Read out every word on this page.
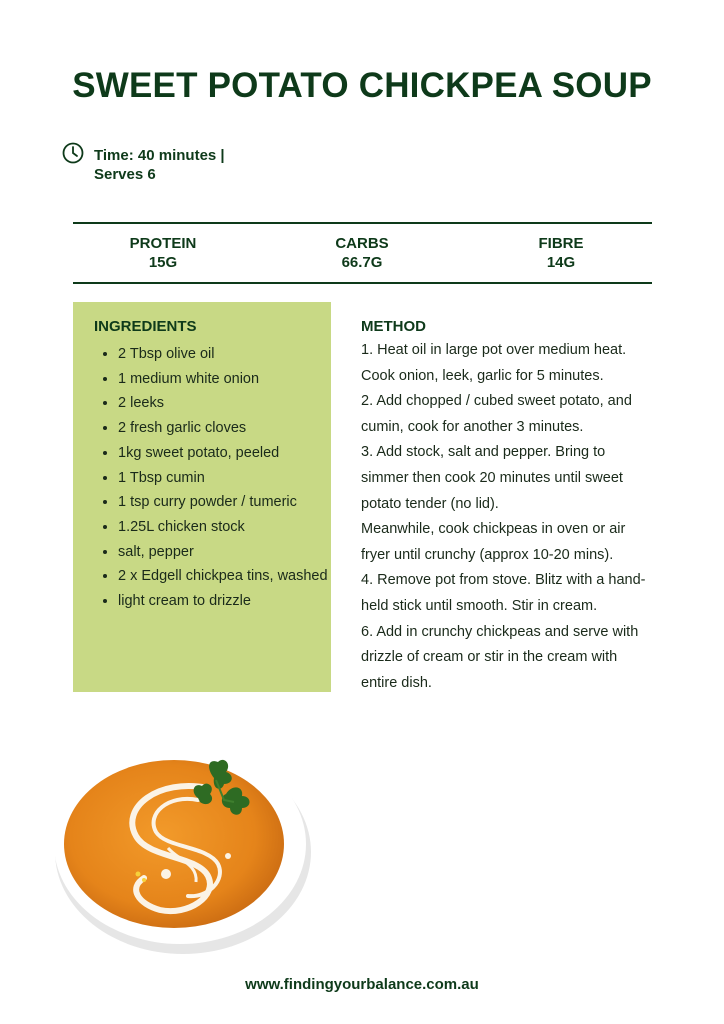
SWEET POTATO CHICKPEA SOUP
Time: 40 minutes |
Serves 6
PROTEIN
15G
CARBS
66.7G
FIBRE
14G
INGREDIENTS
• 2 Tbsp olive oil
• 1 medium white onion
• 2 leeks
• 2 fresh garlic cloves
• 1kg sweet potato, peeled
• 1 Tbsp cumin
• 1 tsp curry powder / tumeric
• 1.25L chicken stock
• salt, pepper
• 2 x Edgell chickpea tins, washed
• light cream to drizzle
METHOD

1. Heat oil in large pot over medium heat. Cook onion, leek, garlic for 5 minutes.

2. Add chopped / cubed sweet potato, and cumin, cook for another 3 minutes.

3. Add stock, salt and pepper. Bring to simmer then cook 20 minutes until sweet potato tender (no lid).

Meanwhile, cook chickpeas in oven or air fryer until crunchy (approx 10-20 mins).

4. Remove pot from stove. Blitz with a hand-held stick until smooth. Stir in cream.

6. Add in crunchy chickpeas and serve with drizzle of cream or stir in the cream with entire dish.

www.findingyourbalance.com.au
